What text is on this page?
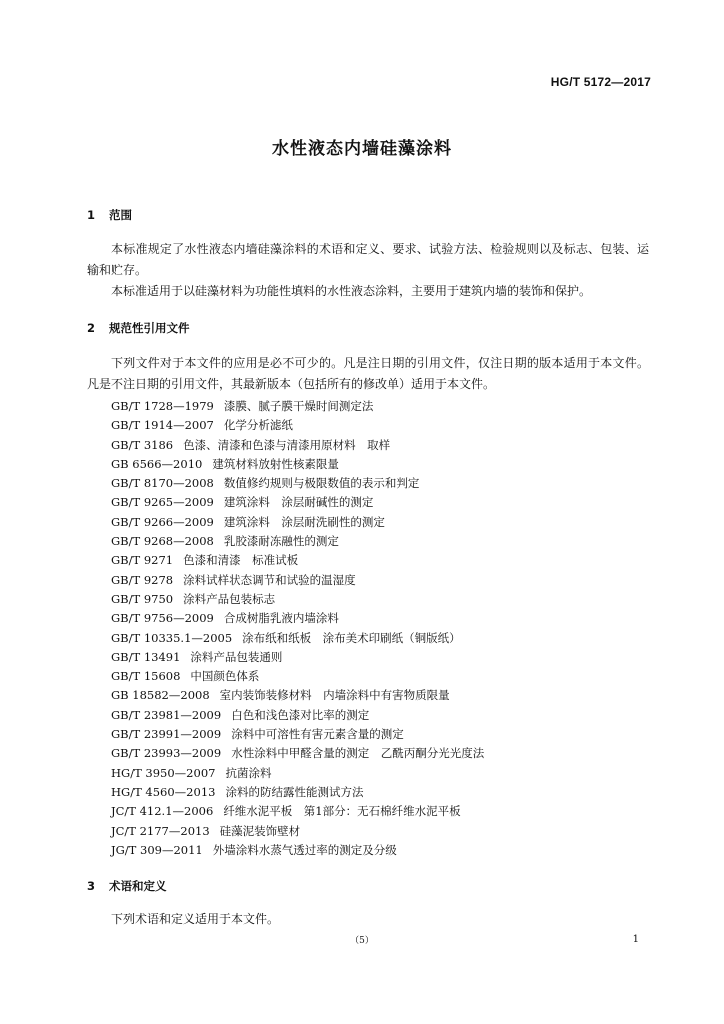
HG/T 5172—2017
水性液态内墙硅藻涂料
1 范围
本标准规定了水性液态内墙硅藻涂料的术语和定义、要求、试验方法、检验规则以及标志、包装、运输和贮存。
本标准适用于以硅藻材料为功能性填料的水性液态涂料，主要用于建筑内墙的装饰和保护。
2 规范性引用文件
下列文件对于本文件的应用是必不可少的。凡是注日期的引用文件，仅注日期的版本适用于本文件。凡是不注日期的引用文件，其最新版本（包括所有的修改单）适用于本文件。
GB/T 1728—1979 漆膜、腻子膜干燥时间测定法
GB/T 1914—2007 化学分析滤纸
GB/T 3186 色漆、清漆和色漆与清漆用原材料　取样
GB 6566—2010 建筑材料放射性核素限量
GB/T 8170—2008 数值修约规则与极限数值的表示和判定
GB/T 9265—2009 建筑涂料　涂层耐碱性的测定
GB/T 9266—2009 建筑涂料　涂层耐洗刷性的测定
GB/T 9268—2008 乳胶漆耐冻融性的测定
GB/T 9271 色漆和清漆　标准试板
GB/T 9278 涂料试样状态调节和试验的温湿度
GB/T 9750 涂料产品包装标志
GB/T 9756—2009 合成树脂乳液内墙涂料
GB/T 10335.1—2005 涂布纸和纸板　涂布美术印刷纸（铜版纸）
GB/T 13491 涂料产品包装通则
GB/T 15608 中国颜色体系
GB 18582—2008 室内装饰装修材料　内墙涂料中有害物质限量
GB/T 23981—2009 白色和浅色漆对比率的测定
GB/T 23991—2009 涂料中可溶性有害元素含量的测定
GB/T 23993—2009 水性涂料中甲醛含量的测定　乙酰丙酮分光光度法
HG/T 3950—2007 抗菌涂料
HG/T 4560—2013 涂料的防结露性能测试方法
JC/T 412.1—2006 纤维水泥平板　第1部分：无石棉纤维水泥平板
JC/T 2177—2013 硅藻泥装饰壁材
JG/T 309—2011 外墙涂料水蒸气透过率的测定及分级
3 术语和定义
下列术语和定义适用于本文件。
（5）	1
